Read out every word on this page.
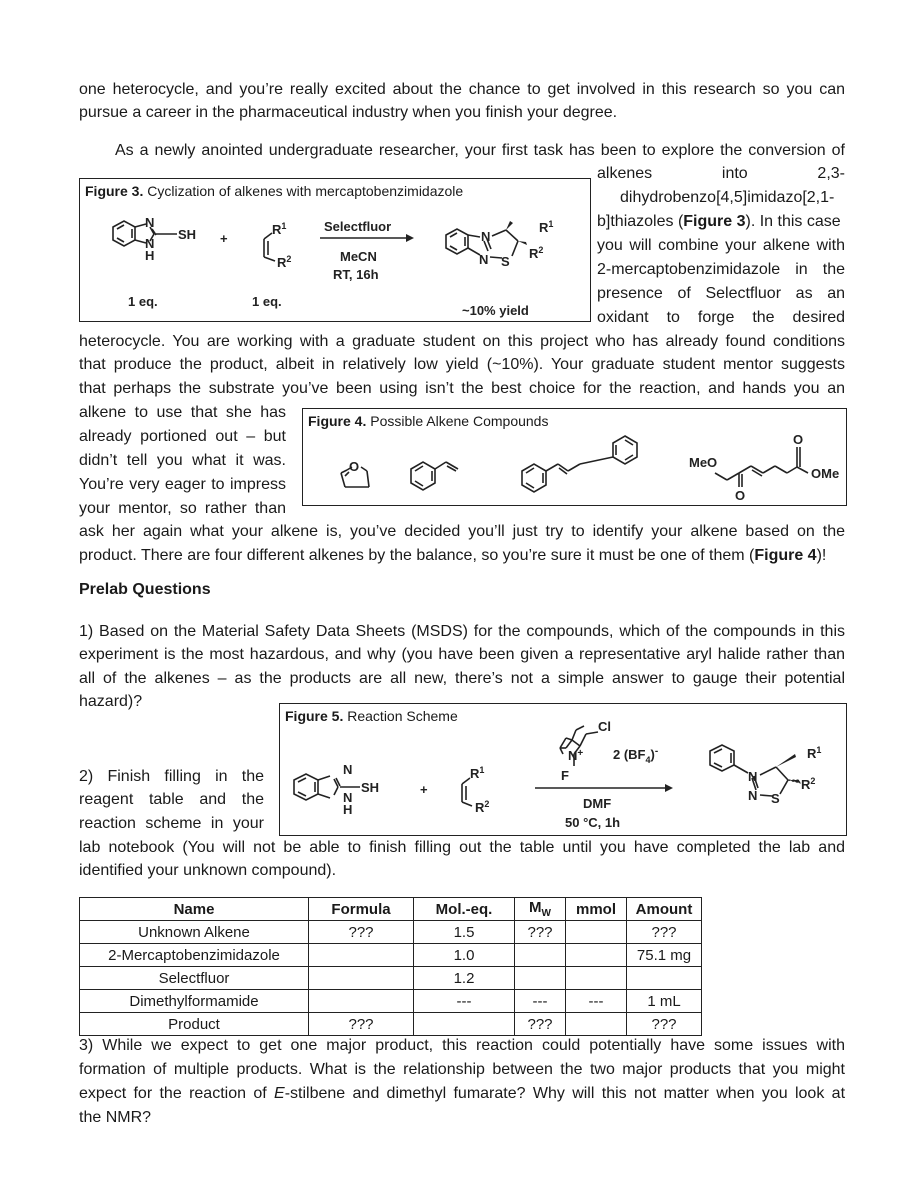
one heterocycle, and you’re really excited about the chance to get involved in this research so you can
pursue a career in the pharmaceutical industry when you finish your degree.
As a newly anointed undergraduate researcher, your first task has been to explore the conversion of
alkenes	into	2,3-
dihydrobenzo[4,5]imidazo[2,1-
b]thiazoles (Figure 3). In this case
you will combine your alkene with
2-mercaptobenzimidazole in the
presence of Selectfluor as an
oxidant to forge the desired
heterocycle. You are working with a graduate student on this project who has already found conditions
that produce the product, albeit in relatively low yield (~10%). Your graduate student mentor suggests
that perhaps the substrate you’ve been using isn’t the best choice for the reaction, and hands you an
alkene to use that she has
already portioned out – but
didn’t tell you what it was.
You’re very eager to impress
your mentor, so rather than
ask her again what your alkene is, you’ve decided you’ll just try to identify your alkene based on the
product. There are four different alkenes by the balance, so you’re sure it must be one of them (Figure 4)!
Figure 3. Cyclization of alkenes with mercaptobenzimidazole
N
SH
N
H
+
$R^1$
$R^2$
Selectfluor
MeCN
RT, 16h
$R^1$
$R^2$
N
N S
1 eq.	1 eq.
~10% yield
Figure 4. Possible Alkene Compounds
O	MeO
O
O
OMe
Prelab Questions
1) Based on the Material Safety Data Sheets (MSDS) for the compounds, which of the compounds in this
experiment is the most hazardous, and why (you have been given a representative aryl halide rather than
all of the alkenes – as the products are all new, there’s not a simple answer to gauge their potential
hazard)?
Figure 5. Reaction Scheme
Cl
N+
F
2 $(BF_4)^-$
N
SH
N
H
+
$R^1$
$R^2$	DMF
50 °C, 1h
$R^1$
$R^2$
N
N S
2) Finish filling in the
reagent table and the
reaction scheme in your
lab notebook (You will not be able to finish filling out the table until you have completed the lab and
identified your unknown compound).
Name	Formula	Mol.-eq.	$M_W$	mmol	Amount
Unknown Alkene	???	1.5	???		???
2-Mercaptobenzimidazole		1.0			75.1 mg
Selectfluor		1.2			
Dimethylformamide		---	---	---	1 mL
Product	???		???		???
3) While we expect to get one major product, this reaction could potentially have some issues with
formation of multiple products. What is the relationship between the two major products that you might
expect for the reaction of E-stilbene and dimethyl fumarate? Why will this not matter when you look at
the NMR?
